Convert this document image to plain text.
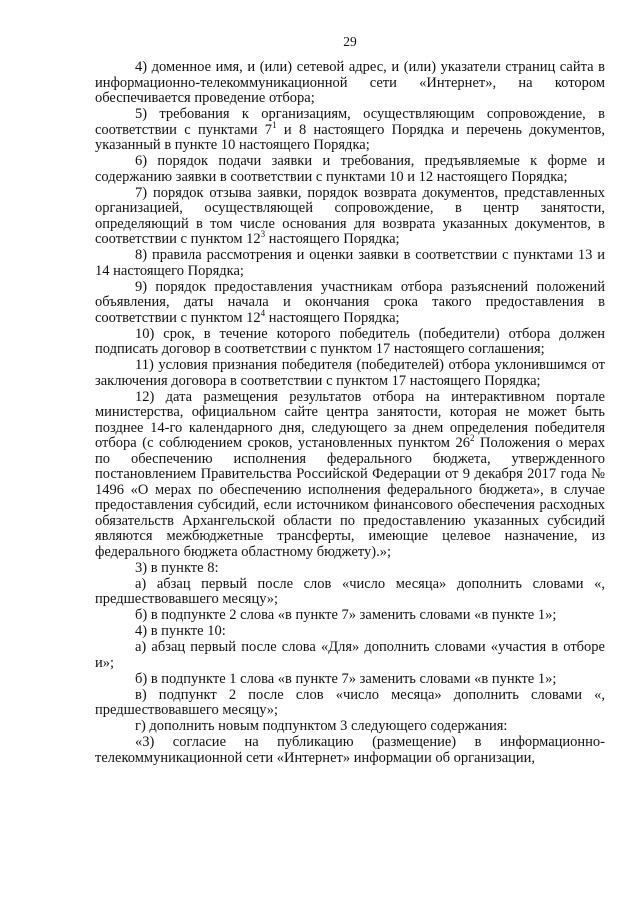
29

4) доменное имя, и (или) сетевой адрес, и (или) указатели страниц сайта в информационно-телекоммуникационной сети «Интернет», на котором обеспечивается проведение отбора;

5) требования к организациям, осуществляющим сопровождение, в соответствии с пунктами $7^1$ и 8 настоящего Порядка и перечень документов, указанный в пункте 10 настоящего Порядка;

6) порядок подачи заявки и требования, предъявляемые к форме и содержанию заявки в соответствии с пунктами 10 и 12 настоящего Порядка;

7) порядок отзыва заявки, порядок возврата документов, представленных организацией, осуществляющей сопровождение, в центр занятости, определяющий в том числе основания для возврата указанных документов, в соответствии с пунктом $12^3$ настоящего Порядка;

8) правила рассмотрения и оценки заявки в соответствии с пунктами 13 и 14 настоящего Порядка;

9) порядок предоставления участникам отбора разъяснений положений объявления, даты начала и окончания срока такого предоставления в соответствии с пунктом $12^4$ настоящего Порядка;

10) срок, в течение которого победитель (победители) отбора должен подписать договор в соответствии с пунктом 17 настоящего соглашения;

11) условия признания победителя (победителей) отбора уклонившимся от заключения договора в соответствии с пунктом 17 настоящего Порядка;

12) дата размещения результатов отбора на интерактивном портале министерства, официальном сайте центра занятости, которая не может быть позднее 14-го календарного дня, следующего за днем определения победителя отбора (с соблюдением сроков, установленных пунктом $26^2$ Положения о мерах по обеспечению исполнения федерального бюджета, утвержденного постановлением Правительства Российской Федерации от 9 декабря 2017 года № 1496 «О мерах по обеспечению исполнения федерального бюджета», в случае предоставления субсидий, если источником финансового обеспечения расходных обязательств Архангельской области по предоставлению указанных субсидий являются межбюджетные трансферты, имеющие целевое назначение, из федерального бюджета областному бюджету).»;

3) в пункте 8:

а) абзац первый после слов «число месяца» дополнить словами «, предшествовавшего месяцу»;

б) в подпункте 2 слова «в пункте 7» заменить словами «в пункте 1»;

4) в пункте 10:

а) абзац первый после слова «Для» дополнить словами «участия в отборе и»;

б) в подпункте 1 слова «в пункте 7» заменить словами «в пункте 1»;

в) подпункт 2 после слов «число месяца» дополнить словами «, предшествовавшего месяцу»;

г) дополнить новым подпунктом 3 следующего содержания:

«3) согласие на публикацию (размещение) в информационно-телекоммуникационной сети «Интернет» информации об организации,
